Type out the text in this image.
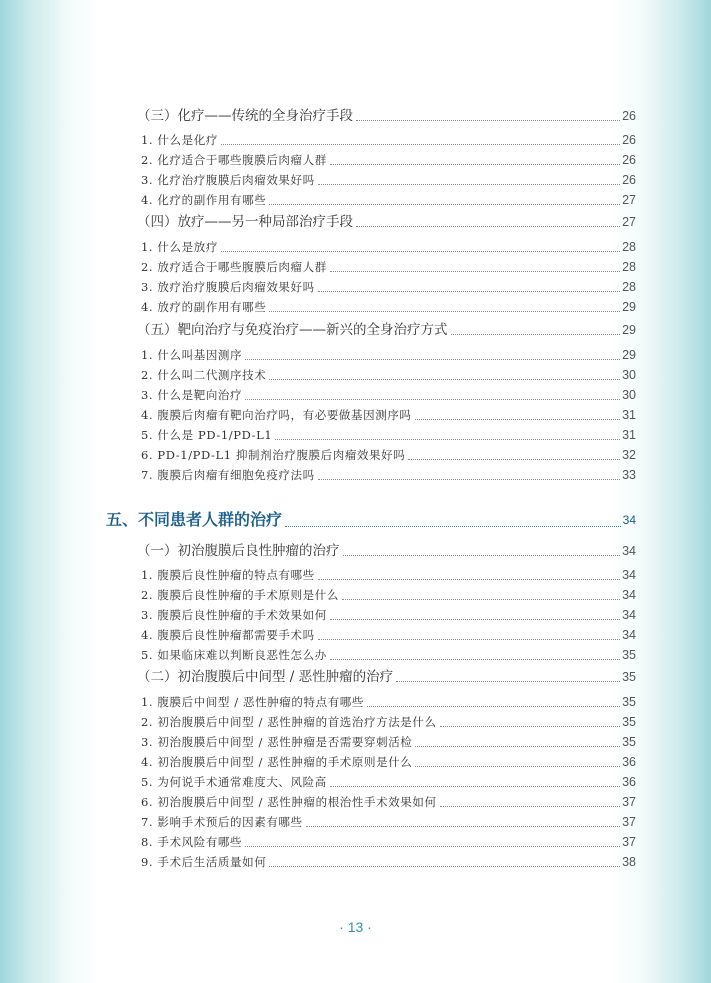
（三）化疗——传统的全身治疗手段	26
1. 什么是化疗	26
2. 化疗适合于哪些腹膜后肉瘤人群	26
3. 化疗治疗腹膜后肉瘤效果好吗	26
4. 化疗的副作用有哪些	27
（四）放疗——另一种局部治疗手段	27
1. 什么是放疗	28
2. 放疗适合于哪些腹膜后肉瘤人群	28
3. 放疗治疗腹膜后肉瘤效果好吗	28
4. 放疗的副作用有哪些	29
（五）靶向治疗与免疫治疗——新兴的全身治疗方式	29
1. 什么叫基因测序	29
2. 什么叫二代测序技术	30
3. 什么是靶向治疗	30
4. 腹膜后肉瘤有靶向治疗吗，有必要做基因测序吗	31
5. 什么是 PD-1/PD-L1	31
6. PD-1/PD-L1 抑制剂治疗腹膜后肉瘤效果好吗	32
7. 腹膜后肉瘤有细胞免疫疗法吗	33
五、不同患者人群的治疗	34
（一）初治腹膜后良性肿瘤的治疗	34
1. 腹膜后良性肿瘤的特点有哪些	34
2. 腹膜后良性肿瘤的手术原则是什么	34
3. 腹膜后良性肿瘤的手术效果如何	34
4. 腹膜后良性肿瘤都需要手术吗	34
5. 如果临床难以判断良恶性怎么办	35
（二）初治腹膜后中间型 / 恶性肿瘤的治疗	35
1. 腹膜后中间型 / 恶性肿瘤的特点有哪些	35
2. 初治腹膜后中间型 / 恶性肿瘤的首选治疗方法是什么	35
3. 初治腹膜后中间型 / 恶性肿瘤是否需要穿刺活检	35
4. 初治腹膜后中间型 / 恶性肿瘤的手术原则是什么	36
5. 为何说手术通常难度大、风险高	36
6. 初治腹膜后中间型 / 恶性肿瘤的根治性手术效果如何	37
7. 影响手术预后的因素有哪些	37
8. 手术风险有哪些	37
9. 手术后生活质量如何	38
· 13 ·
